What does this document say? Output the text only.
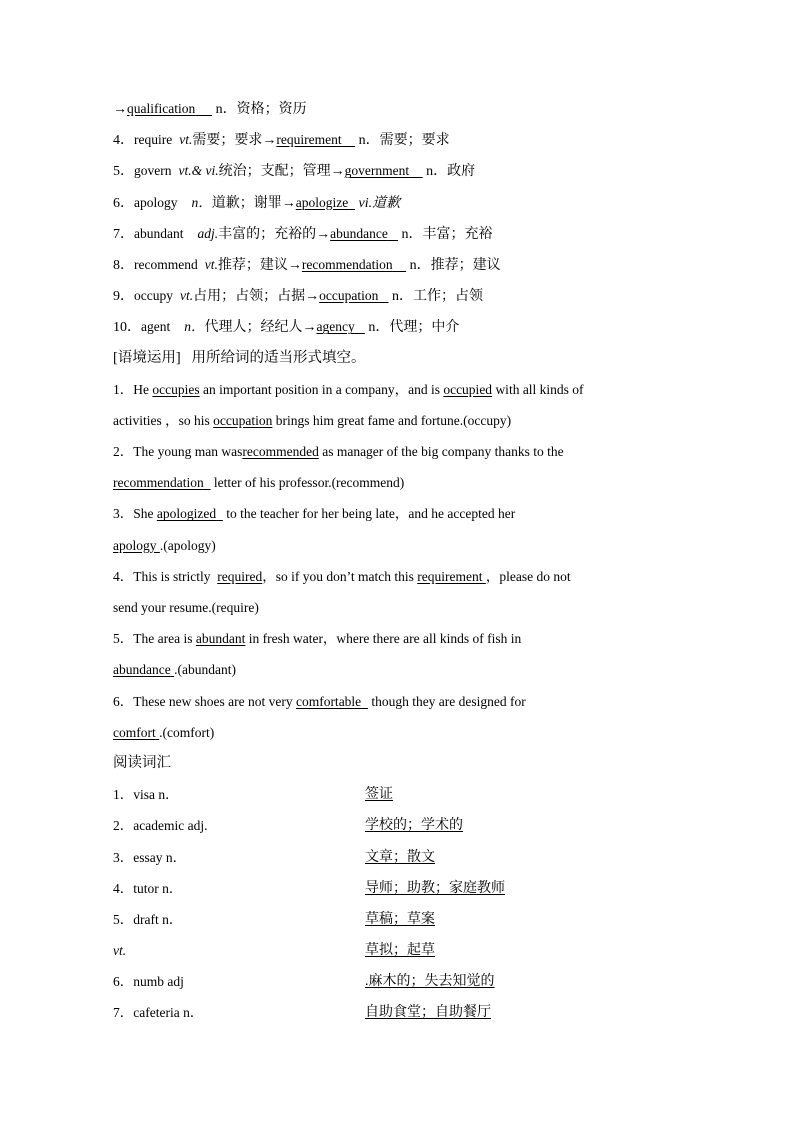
→qualification      n．资格；资历
4．require vt.需要；要求→requirement     n．需要；要求
5．govern vt.& vi.统治；支配；管理→government     n．政府
6．apology n．道歉；谢罪→apologize   vi.道歉
7．abundant adj.丰富的；充裕的→abundance    n．丰富；充裕
8．recommend vt.推荐；建议→recommendation     n．推荐；建议
9．occupy vt.占用；占领；占据→occupation    n．工作；占领
10．agent n．代理人；经纪人→agency    n．代理；中介
[语境运用] 用所给词的适当形式填空。
1．He occupies an important position in a company，and is occupied with all kinds of
activities ，so his occupation brings him great fame and fortune.(occupy)
2．The young man wasrecommended as manager of the big company thanks to the
recommendation letter of his professor.(recommend)
3．She apologized to the teacher for her being late，and he accepted her
apology .(apology)
4．This is strictly required，so if you don’t match this requirement ，please do not
send your resume.(require)
5．The area is abundant in fresh water，where there are all kinds of fish in
abundance .(abundant)
6．These new shoes are not very comfortable though they are designed for
comfort .(comfort)
阅读词汇
1．visa n．	签证
2．academic adj.	学校的；学术的
3．essay n．	文章；散文
4．tutor n．	导师；助教；家庭教师
5．draft n．	草稿；草案
vt.	草拟；起草
6．numb adj	.麻木的；失去知觉的
7．cafeteria n．	自助食堂；自助餐厅
